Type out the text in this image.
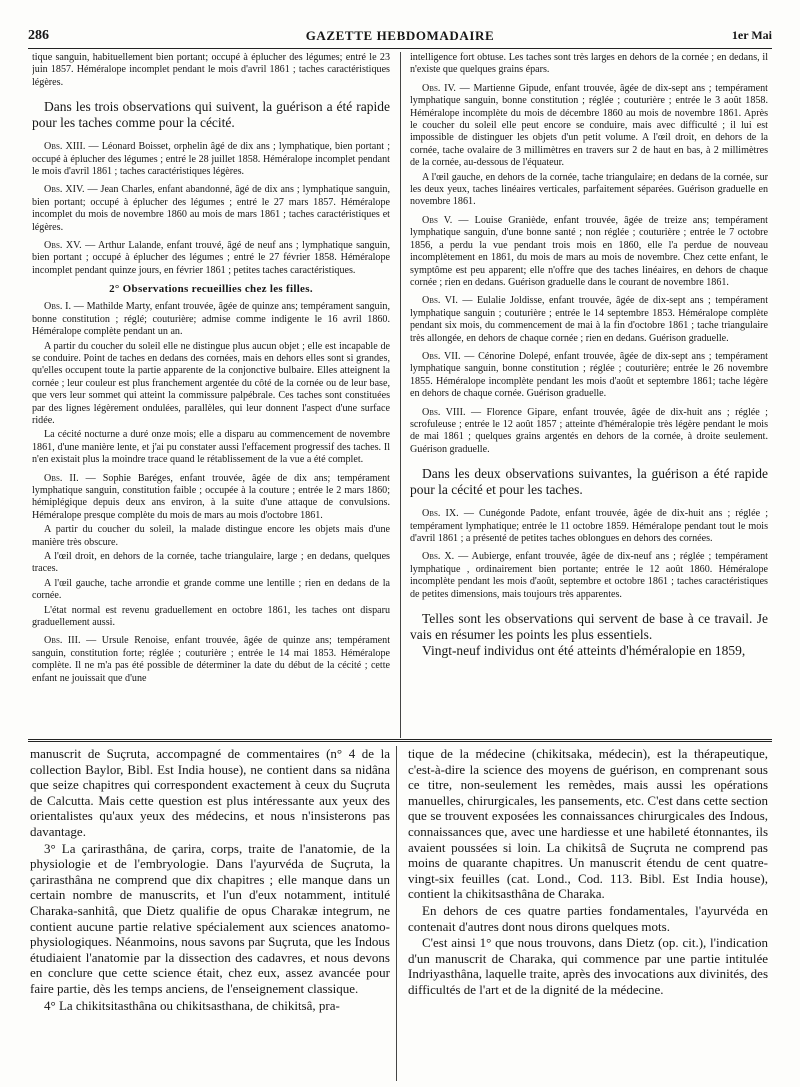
286	GAZETTE HEBDOMADAIRE	1er Mai

tique sanguin, habituellement bien portant; occupé à éplucher des légumes; entré le 23 juin 1857. Héméralope incomplet pendant le mois d'avril 1861 ; taches caractéristiques légères.

Dans les trois observations qui suivent, la guérison a été rapide pour les taches comme pour la cécité.

Obs. XIII. — Léonard Boisset, orphelin âgé de dix ans ; lymphatique, bien portant ; occupé à éplucher des légumes ; entré le 28 juillet 1858. Héméralope incomplet pendant le mois d'avril 1861 ; taches caractéristiques légères.

Obs. XIV. — Jean Charles, enfant abandonné, âgé de dix ans ; lymphatique sanguin, bien portant; occupé à éplucher des légumes ; entré le 27 mars 1857. Héméralope incomplet du mois de novembre 1860 au mois de mars 1861 ; taches caractéristiques et légères.

Obs. XV. — Arthur Lalande, enfant trouvé, âgé de neuf ans ; lymphatique sanguin, bien portant ; occupé à éplucher des légumes ; entré le 27 février 1858. Héméralope incomplet pendant quinze jours, en février 1861 ; petites taches caractéristiques.

2° Observations recueillies chez les filles.

Obs. I. — Mathilde Marty, enfant trouvée, âgée de quinze ans; tempérament sanguin, bonne constitution ; réglé; couturière; admise comme indigente le 16 avril 1860. Héméralope complète pendant un an.

A partir du coucher du soleil elle ne distingue plus aucun objet ; elle est incapable de se conduire. Point de taches en dedans des cornées, mais en dehors elles sont si grandes, qu'elles occupent toute la partie apparente de la conjonctive bulbaire. Elles atteignent la cornée ; leur couleur est plus franchement argentée du côté de la cornée ou de leur base, que vers leur sommet qui atteint la commissure palpébrale. Ces taches sont constituées par des lignes légèrement ondulées, parallèles, qui leur donnent l'aspect d'une surface ridée.

La cécité nocturne a duré onze mois; elle a disparu au commencement de novembre 1861, d'une manière lente, et j'ai pu constater aussi l'effacement progressif des taches. Il n'en existait plus la moindre trace quand le rétablissement de la vue a été complet.

Obs. II. — Sophie Baréges, enfant trouvée, âgée de dix ans; tempérament lymphatique sanguin, constitution faible ; occupée à la couture ; entrée le 2 mars 1860; hémiplégique depuis deux ans environ, à la suite d'une attaque de convulsions. Héméralope presque complète du mois de mars au mois d'octobre 1861.

A partir du coucher du soleil, la malade distingue encore les objets mais d'une manière très obscure.

A l'œil droit, en dehors de la cornée, tache triangulaire, large ; en dedans, quelques traces.

A l'œil gauche, tache arrondie et grande comme une lentille ; rien en dedans de la cornée.

L'état normal est revenu graduellement en octobre 1861, les taches ont disparu graduellement aussi.

Obs. III. — Ursule Renoise, enfant trouvée, âgée de quinze ans; tempérament sanguin, constitution forte; réglée ; couturière ; entrée le 14 mai 1853. Héméralope complète. Il ne m'a pas été possible de déterminer la date du début de la cécité ; cette enfant ne jouissait que d'une

intelligence fort obtuse. Les taches sont très larges en dehors de la cornée ; en dedans, il n'existe que quelques grains épars.

Obs. IV. — Martienne Gipude, enfant trouvée, âgée de dix-sept ans ; tempérament lymphatique sanguin, bonne constitution ; réglée ; couturière ; entrée le 3 août 1858. Héméralope incomplète du mois de décembre 1860 au mois de novembre 1861. Après le coucher du soleil elle peut encore se conduire, mais avec difficulté ; il lui est impossible de distinguer les objets d'un petit volume. A l'œil droit, en dehors de la cornée, tache ovalaire de 3 millimètres en travers sur 2 de haut en bas, à 2 millimètres de la cornée, au-dessous de l'équateur.

A l'œil gauche, en dehors de la cornée, tache triangulaire; en dedans de la cornée, sur les deux yeux, taches linéaires verticales, parfaitement séparées. Guérison graduelle en novembre 1861.

Obs V. — Louise Granìède, enfant trouvée, âgée de treize ans; tempérament lymphatique sanguin, d'une bonne santé ; non réglée ; couturière ; entrée le 7 octobre 1856, a perdu la vue pendant trois mois en 1860, elle l'a perdue de nouveau incomplètement en 1861, du mois de mars au mois de novembre. Chez cette enfant, le symptôme est peu apparent; elle n'offre que des taches linéaires, en dehors de chaque cornée ; rien en dedans. Guérison graduelle dans le courant de novembre 1861.

Obs. VI. — Eulalie Joldisse, enfant trouvée, âgée de dix-sept ans ; tempérament lymphatique sanguin ; couturière ; entrée le 14 septembre 1853. Héméralope complète pendant six mois, du commencement de mai à la fin d'octobre 1861 ; tache triangulaire très allongée, en dehors de chaque cornée ; rien en dedans. Guérison graduelle.

Obs. VII. — Cénorine Dolepé, enfant trouvée, âgée de dix-sept ans ; tempérament lymphatique sanguin, bonne constitution ; réglée ; couturière; entrée le 26 novembre 1855. Héméralope incomplète pendant les mois d'août et septembre 1861; tache légère en dehors de chaque cornée. Guérison graduelle.

Obs. VIII. — Florence Gipare, enfant trouvée, âgée de dix-huit ans ; réglée ; scrofuleuse ; entrée le 12 août 1857 ; atteinte d'héméralopie très légère pendant le mois de mai 1861 ; quelques grains argentés en dehors de la cornée, à droite seulement. Guérison graduelle.

Dans les deux observations suivantes, la guérison a été rapide pour la cécité et pour les taches.

Obs. IX. — Cunégonde Padote, enfant trouvée, âgée de dix-huit ans ; réglée ; tempérament lymphatique; entrée le 11 octobre 1859. Héméralope pendant tout le mois d'avril 1861 ; a présenté de petites taches oblongues en dehors des cornées.

Obs. X. — Aubierge, enfant trouvée, âgée de dix-neuf ans ; réglée ; tempérament lymphatique , ordinairement bien portante; entrée le 12 août 1860. Héméralope incomplète pendant les mois d'août, septembre et octobre 1861 ; taches caractéristiques de petites dimensions, mais toujours très apparentes.

Telles sont les observations qui servent de base à ce travail. Je vais en résumer les points les plus essentiels.

Vingt-neuf individus ont été atteints d'héméralopie en 1859,

manuscrit de Suçruta, accompagné de commentaires (n° 4 de la collection Baylor, Bibl. Est India house), ne contient dans sa nidâna que seize chapitres qui correspondent exactement à ceux du Suçruta de Calcutta. Mais cette question est plus intéressante aux yeux des orientalistes qu'aux yeux des médecins, et nous n'insisterons pas davantage.

3° La çarirasthâna, de çarira, corps, traite de l'anatomie, de la physiologie et de l'embryologie. Dans l'ayurvéda de Suçruta, la çarirasthâna ne comprend que dix chapitres ; elle manque dans un certain nombre de manuscrits, et l'un d'eux notamment, intitulé Charaka-sanhitâ, que Dietz qualifie de opus Charakæ integrum, ne contient aucune partie relative spécialement aux sciences anatomo-physiologiques. Néanmoins, nous savons par Suçruta, que les Indous étudiaient l'anatomie par la dissection des cadavres, et nous devons en conclure que cette science était, chez eux, assez avancée pour faire partie, dès les temps anciens, de l'enseignement classique.

4° La chikitsitasthâna ou chikitsasthana, de chikitsâ, pra-

tique de la médecine (chikitsaka, médecin), est la thérapeutique, c'est-à-dire la science des moyens de guérison, en comprenant sous ce titre, non-seulement les remèdes, mais aussi les opérations manuelles, chirurgicales, les pansements, etc. C'est dans cette section que se trouvent exposées les connaissances chirurgicales des Indous, connaissances que, avec une hardiesse et une habileté étonnantes, ils avaient poussées si loin. La chikitsâ de Suçruta ne comprend pas moins de quarante chapitres. Un manuscrit étendu de cent quatre-vingt-six feuilles (cat. Lond., Cod. 113. Bibl. Est India house), contient la chikitsasthâna de Charaka.

En dehors de ces quatre parties fondamentales, l'ayurvéda en contenait d'autres dont nous dirons quelques mots.

C'est ainsi 1° que nous trouvons, dans Dietz (op. cit.), l'indication d'un manuscrit de Charaka, qui commence par une partie intitulée Indriyasthâna, laquelle traite, après des invocations aux divinités, des difficultés de l'art et de la dignité de la médecine.
